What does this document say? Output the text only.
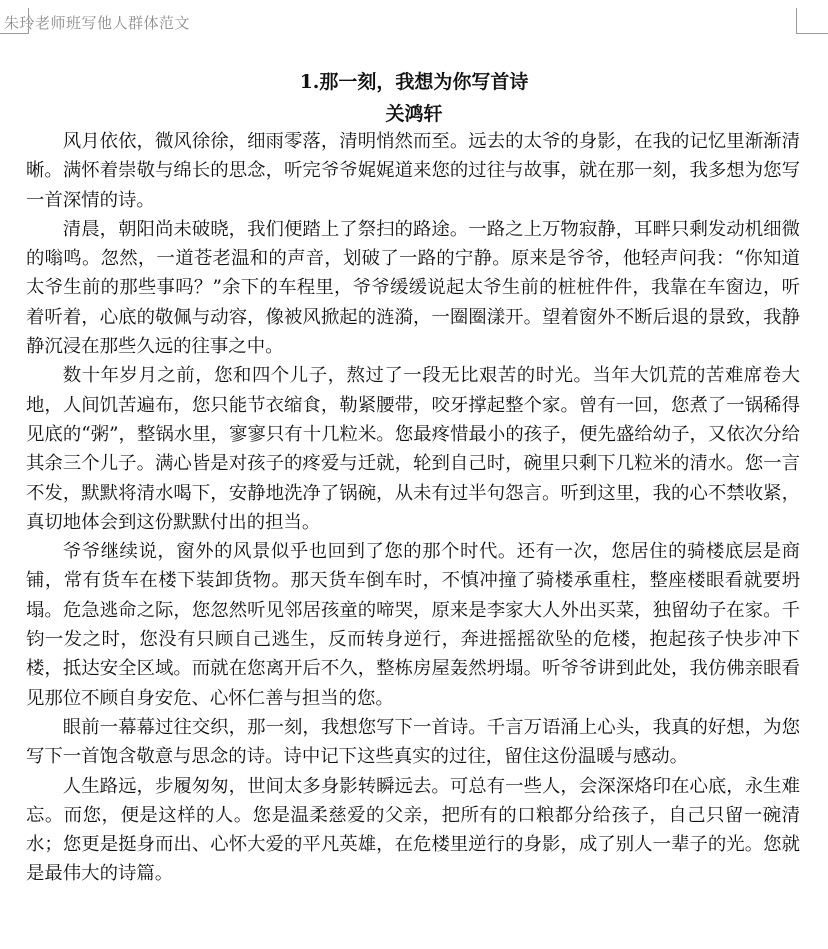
朱玲老师班写他人群体范文
1.那一刻，我想为你写首诗
关鸿轩

风月依依，微风徐徐，细雨零落，清明悄然而至。远去的太爷的身影，在我的记忆里渐渐清晰。满怀着崇敬与绵长的思念，听完爷爷娓娓道来您的过往与故事，就在那一刻，我多想为您写一首深情的诗。

清晨，朝阳尚未破晓，我们便踏上了祭扫的路途。一路之上万物寂静，耳畔只剩发动机细微的嗡鸣。忽然，一道苍老温和的声音，划破了一路的宁静。原来是爷爷，他轻声问我：“你知道太爷生前的那些事吗？”余下的车程里，爷爷缓缓说起太爷生前的桩桩件件，我靠在车窗边，听着听着，心底的敬佩与动容，像被风掀起的涟漪，一圈圈漾开。望着窗外不断后退的景致，我静静沉浸在那些久远的往事之中。

数十年岁月之前，您和四个儿子，熬过了一段无比艰苦的时光。当年大饥荒的苦难席卷大地，人间饥苦遍布，您只能节衣缩食，勒紧腰带，咬牙撑起整个家。曾有一回，您煮了一锅稀得见底的“粥”，整锅水里，寥寥只有十几粒米。您最疼惜最小的孩子，便先盛给幼子，又依次分给其余三个儿子。满心皆是对孩子的疼爱与迁就，轮到自己时，碗里只剩下几粒米的清水。您一言不发，默默将清水喝下，安静地洗净了锅碗，从未有过半句怨言。听到这里，我的心不禁收紧，真切地体会到这份默默付出的担当。

爷爷继续说，窗外的风景似乎也回到了您的那个时代。还有一次，您居住的骑楼底层是商铺，常有货车在楼下装卸货物。那天货车倒车时，不慎冲撞了骑楼承重柱，整座楼眼看就要坍塌。危急逃命之际，您忽然听见邻居孩童的啼哭，原来是李家大人外出买菜，独留幼子在家。千钧一发之时，您没有只顾自己逃生，反而转身逆行，奔进摇摇欲坠的危楼，抱起孩子快步冲下楼，抵达安全区域。而就在您离开后不久，整栋房屋轰然坍塌。听爷爷讲到此处，我仿佛亲眼看见那位不顾自身安危、心怀仁善与担当的您。

眼前一幕幕过往交织，那一刻，我想您写下一首诗。千言万语涌上心头，我真的好想，为您写下一首饱含敬意与思念的诗。诗中记下这些真实的过往，留住这份温暖与感动。

人生路远，步履匆匆，世间太多身影转瞬远去。可总有一些人，会深深烙印在心底，永生难忘。而您，便是这样的人。您是温柔慈爱的父亲，把所有的口粮都分给孩子，自己只留一碗清水；您更是挺身而出、心怀大爱的平凡英雄，在危楼里逆行的身影，成了别人一辈子的光。您就是最伟大的诗篇。
